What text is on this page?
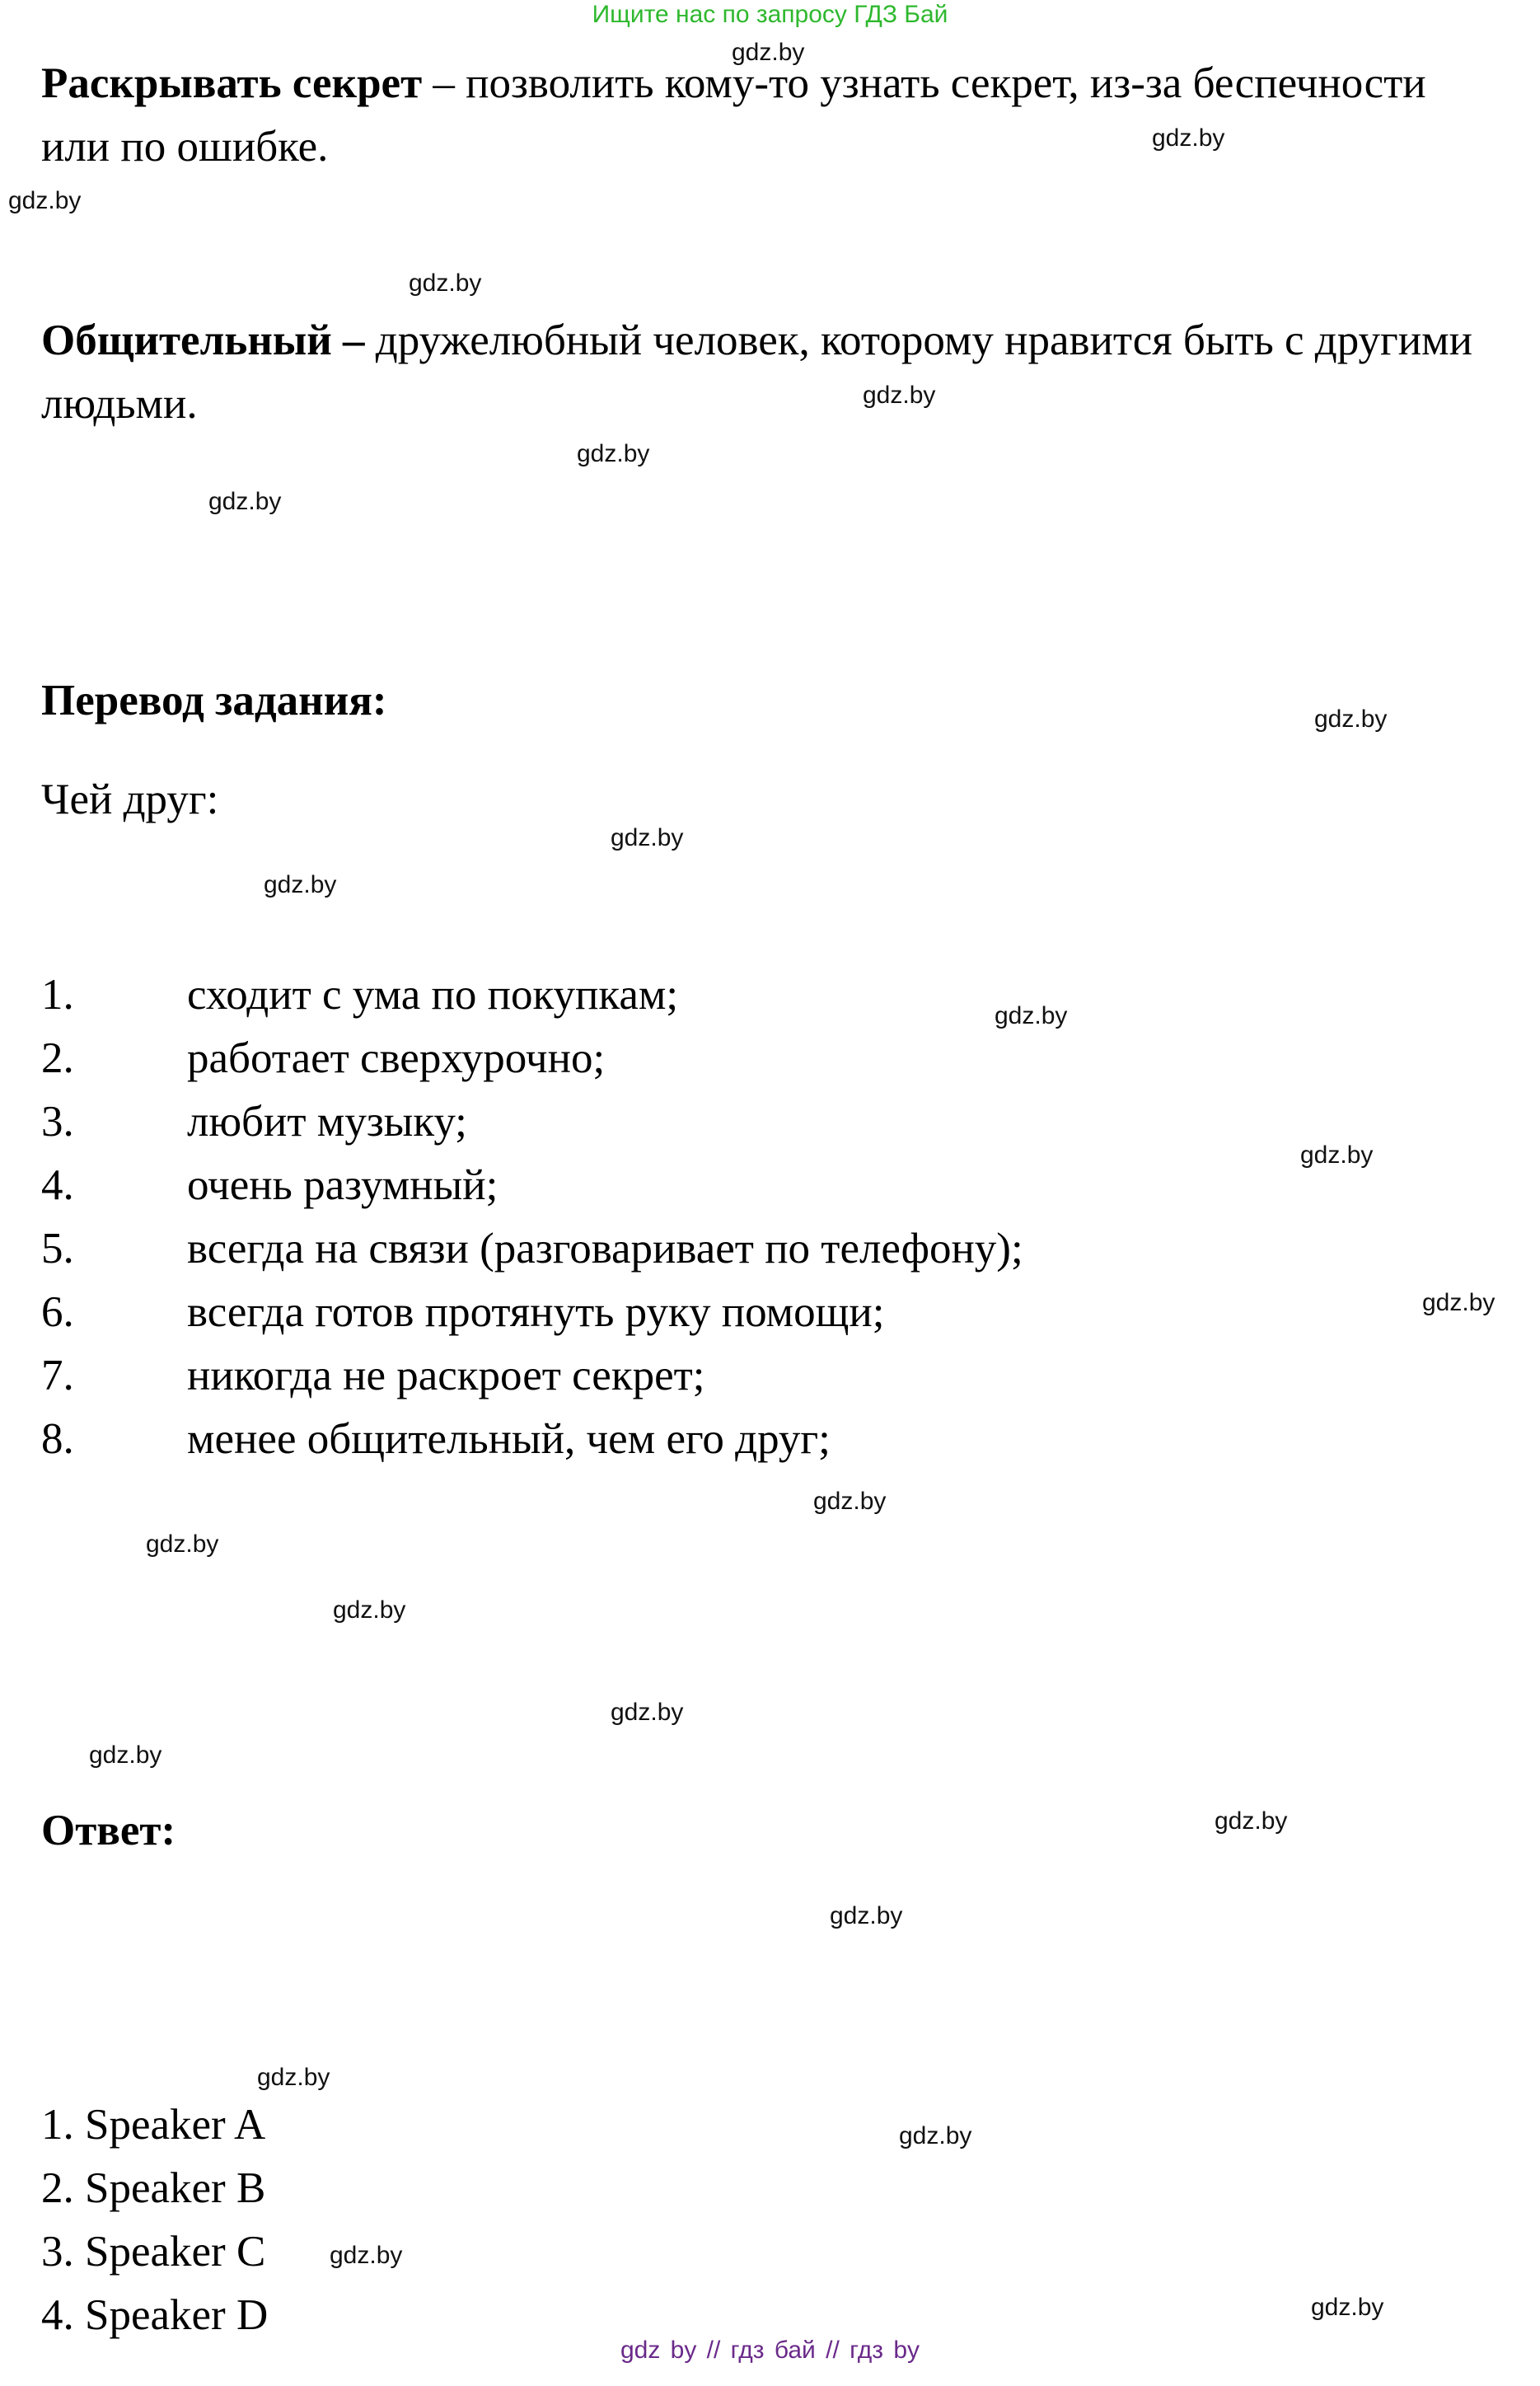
Ищите нас по запросу ГДЗ Бай
Раскрывать секрет – позволить кому-то узнать секрет, из-за беспечности или по ошибке.
Общительный – дружелюбный человек, которому нравится быть с другими людьми.
Перевод задания:
Чей друг:
1.	сходит с ума по покупкам;
2.	работает сверхурочно;
3.	любит музыку;
4.	очень разумный;
5.	всегда на связи (разговаривает по телефону);
6.	всегда готов протянуть руку помощи;
7.	никогда не раскроет секрет;
8.	менее общительный, чем его друг;
Ответ:
1. Speaker A
2. Speaker B
3. Speaker C
4. Speaker D
gdz.by
gdz.by
gdz.by
gdz.by
gdz.by
gdz.by
gdz.by
gdz.by
gdz.by
gdz.by
gdz.by
gdz.by
gdz.by
gdz.by
gdz.by
gdz.by
gdz.by
gdz.by
gdz.by
gdz.by
gdz.by
gdz.by
gdz.by
gdz.by
gdz by // гдз бай // гдз by
